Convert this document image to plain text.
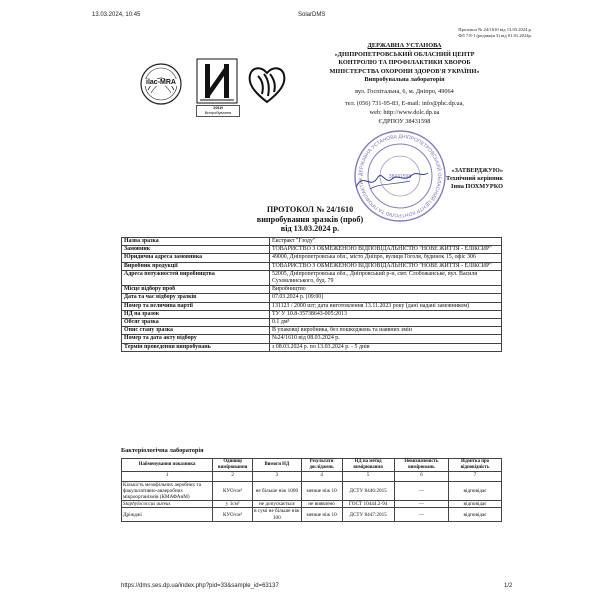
13.03.2024, 10:45	SolarDMS
Протокол № 24/1610 від 13.03.2024 р.
ФЛ 7.8-1 (редакція 3) від 01.01.2024р.
ilac-MRA
201И
Випробування
ДЕРЖАВНА УСТАНОВА
«ДНІПРОПЕТРОВСЬКИЙ ОБЛАСНИЙ ЦЕНТР
КОНТРОЛЮ ТА ПРОФІЛАКТИКИ ХВОРОБ
МІНІСТЕРСТВА ОХОРОНИ ЗДОРОВ'Я УКРАЇНИ»
Випробувальна лабораторія
вул. Госпітальна, 6, м. Дніпро, 49064
тел. (056) 731-95-83, E-mail: info@phc.dp.ua,
web: http://www.dolc.dp.ua
ЄДРПОУ 38431598
ДЕРЖАВНА УСТАНОВА ДНІПРОПЕТРОВСЬКИЙ ОБЛАСНИЙ ЦЕНТР КОНТРОЛЮ ТА ПРОФІЛАКТИК	38431598
«ЗАТВЕРДЖУЮ»
Технічний керівник
Інна ПОХМУРКО
ПРОТОКОЛ № 24/1610
випробування зразків (проб)
від 13.03.2024 р.
Назва зразка	Екстракт "Гзоду"
Замовник	ТОВАРИСТВО З ОБМЕЖЕНОЮ ВІДПОВІДАЛЬНІСТЮ "НОВЕ ЖИТТЯ - ЕЛІКСИР"
Юридична адреса замовника	49000, Дніпропетровська обл., місто Дніпро, вулиця Гоголя, будинок 15, офіс 306
Виробник продукції	ТОВАРИСТВО З ОБМЕЖЕНОЮ ВІДПОВІДАЛЬНІСТЮ "НОВЕ ЖИТТЯ - ЕЛІКСИР"
Адреса потужностей виробництва	52005, Дніпропетровська обл., Дніпровський р-н, смт. Слобожанське, вул. Василя Сухомлинського, буд. 79
Місце відбору проб	Виробництво
Дата та час відбору зразків	07.03.2024 р. [09:00]
Номер та величина партії	131123 / 2000 шт; дата виготовлення 13.11.2023 року (дані надані замовником)
НД на зразок	ТУ У 10.8-35738643-005:2013
Обсяг зразка	0.1 дм³
Опис стану зразка	В упаковці виробника, без пошкоджень та наявних змін
Номер та дата акту відбору	№24/1610 від 08.03.2024 р.
Термін проведення випробувань	з 08.03.2024 р. по 13.03.2024 р. - 5 днів
Бактеріологічна лабораторія
Найменування показника	Одиниці вимірювання	Вимоги НД	Результати досліджень	НД на метод вимірювання	Невизначеність вимірювань	Відмітка про відповідність
1	2	3	4	5	6	7
Кількість мезофільних аеробних та факультативно-анаеробних мікроорганізмів (КМАФАнМ)	КУО/см³	не більше ніж 1000	менше ніж 10	ДСТУ 8446:2015	—	відповідає
Staphylococcus aureus	у 1см³	не допускається	не виявлено	ГОСТ 10444.2-94	—	відповідає
Дріжджі	КУО/см³	в сумі не більше ніж 100	менше ніж 10	ДСТУ 8447:2015	—	відповідає
https://dms.ses.dp.ua/index.php?pid=33&sample_id=63137	1/2
